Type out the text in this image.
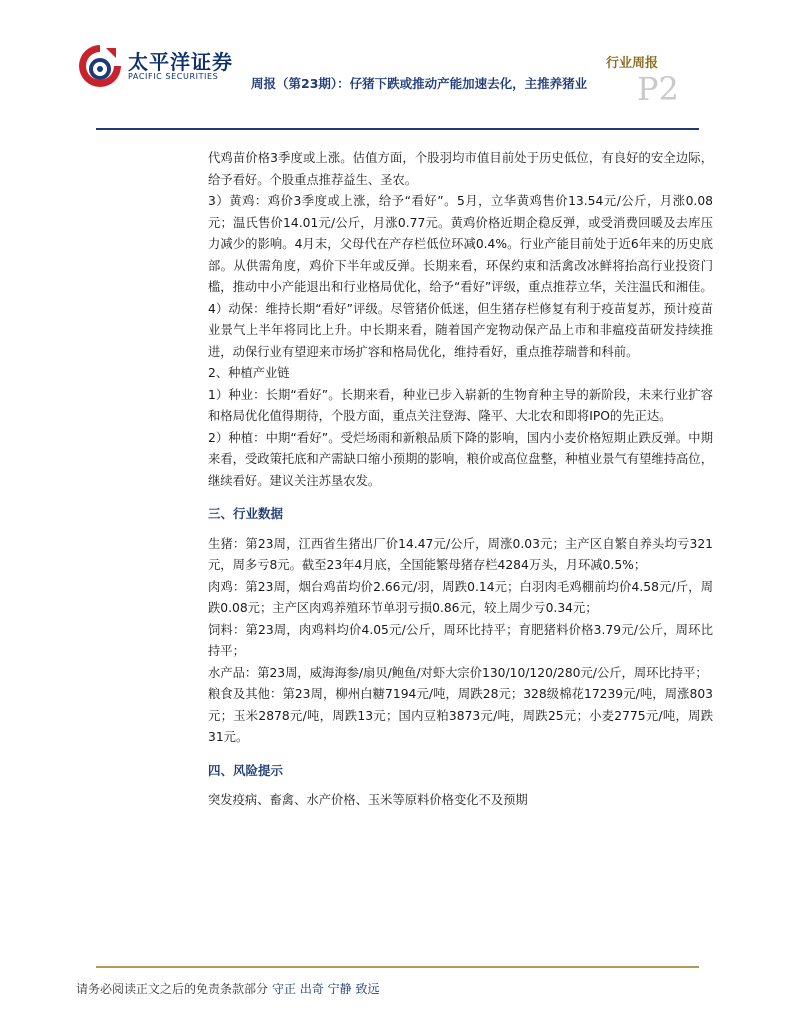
太平洋证券
PACIFIC SECURITIES
行业周报
周报（第23期）：仔猪下跌或推动产能加速去化，主推养猪业 P2

代鸡苗价格3季度或上涨。估值方面，个股羽均市值目前处于历史低位，有良好的安全边际，给予看好。个股重点推荐益生、圣农。

3）黄鸡：鸡价3季度或上涨，给予“看好”。5月，立华黄鸡售价13.54元/公斤，月涨0.08元；温氏售价14.01元/公斤，月涨0.77元。黄鸡价格近期企稳反弹，或受消费回暖及去库压力减少的影响。4月末，父母代在产存栏低位环减0.4%。行业产能目前处于近6年来的历史底部。从供需角度，鸡价下半年或反弹。长期来看，环保约束和活禽改冰鲜将抬高行业投资门槛，推动中小产能退出和行业格局优化，给予“看好”评级，重点推荐立华，关注温氏和湘佳。

4）动保：维持长期“看好”评级。尽管猪价低迷，但生猪存栏修复有利于疫苗复苏，预计疫苗业景气上半年将同比上升。中长期来看，随着国产宠物动保产品上市和非瘟疫苗研发持续推进，动保行业有望迎来市场扩容和格局优化，维持看好，重点推荐瑞普和科前。

2、种植产业链

1）种业：长期“看好”。长期来看，种业已步入崭新的生物育种主导的新阶段，未来行业扩容和格局优化值得期待，个股方面，重点关注登海、隆平、大北农和即将IPO的先正达。

2）种植：中期“看好”。受烂场雨和新粮品质下降的影响，国内小麦价格短期止跌反弹。中期来看，受政策托底和产需缺口缩小预期的影响，粮价或高位盘整，种植业景气有望维持高位，继续看好。建议关注苏垦农发。

三、行业数据

生猪：第23周，江西省生猪出厂价14.47元/公斤，周涨0.03元；主产区自繁自养头均亏321元，周多亏8元。截至23年4月底，全国能繁母猪存栏4284万头，月环减0.5%；

肉鸡：第23周，烟台鸡苗均价2.66元/羽，周跌0.14元；白羽肉毛鸡棚前均价4.58元/斤，周跌0.08元；主产区肉鸡养殖环节单羽亏损0.86元，较上周少亏0.34元；

饲料：第23周，肉鸡料均价4.05元/公斤，周环比持平；育肥猪料价格3.79元/公斤，周环比持平；

水产品：第23周，威海海参/扇贝/鲍鱼/对虾大宗价130/10/120/280元/公斤，周环比持平；

粮食及其他：第23周，柳州白糖7194元/吨，周跌28元；328级棉花17239元/吨，周涨803元；玉米2878元/吨，周跌13元；国内豆粕3873元/吨，周跌25元；小麦2775元/吨，周跌31元。

四、风险提示

突发疫病、畜禽、水产价格、玉米等原料价格变化不及预期

请务必阅读正文之后的免责条款部分 守正 出奇 宁静 致远
